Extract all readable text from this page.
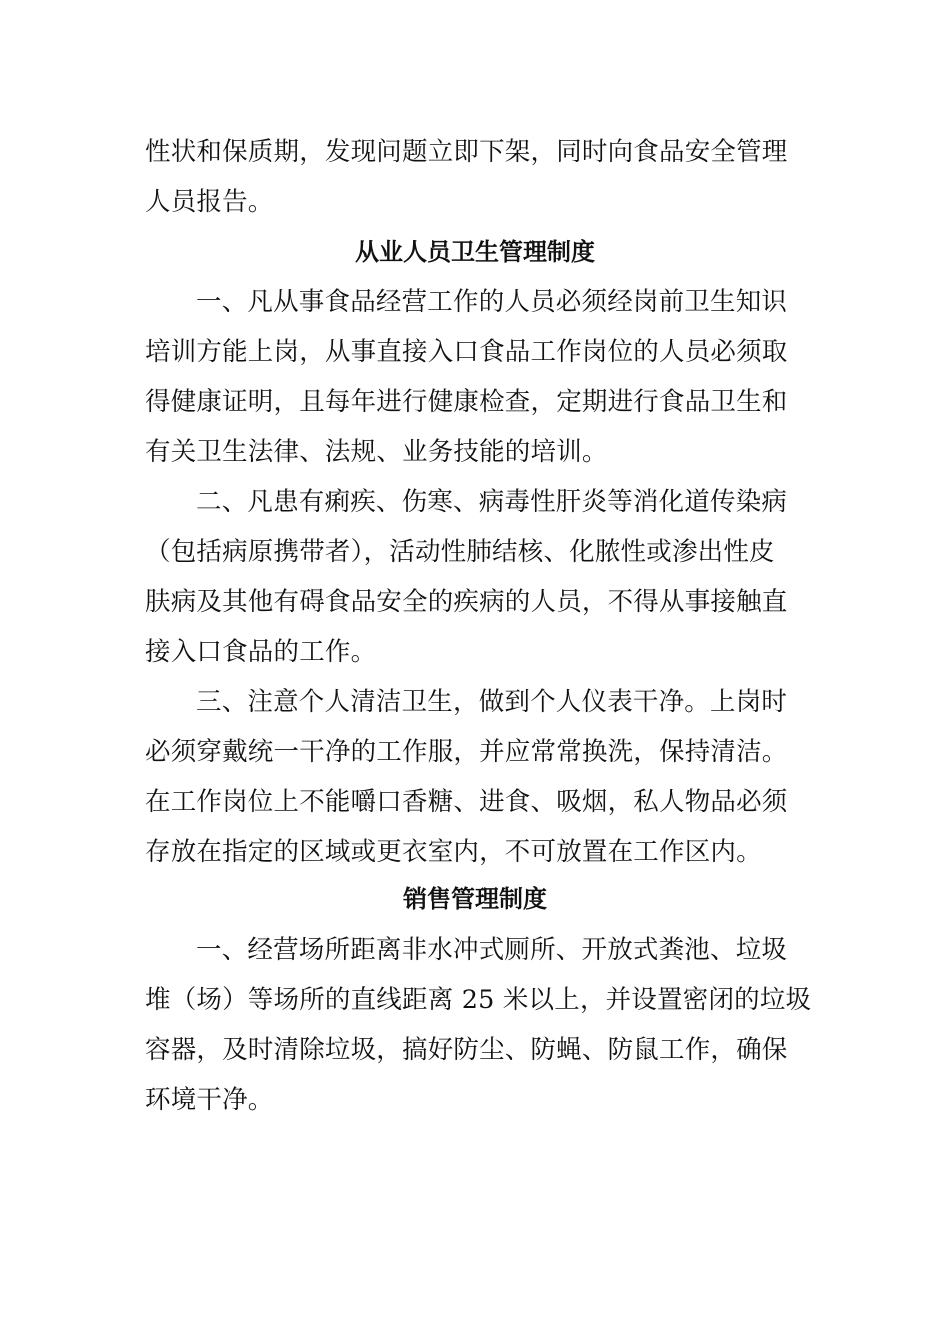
性状和保质期，发现问题立即下架，同时向食品安全管理
人员报告。
从业人员卫生管理制度
一、凡从事食品经营工作的人员必须经岗前卫生知识
培训方能上岗，从事直接入口食品工作岗位的人员必须取
得健康证明，且每年进行健康检查，定期进行食品卫生和
有关卫生法律、法规、业务技能的培训。
二、凡患有痢疾、伤寒、病毒性肝炎等消化道传染病
（包括病原携带者），活动性肺结核、化脓性或渗出性皮
肤病及其他有碍食品安全的疾病的人员，不得从事接触直
接入口食品的工作。
三、注意个人清洁卫生，做到个人仪表干净。上岗时
必须穿戴统一干净的工作服，并应常常换洗，保持清洁。
在工作岗位上不能嚼口香糖、进食、吸烟，私人物品必须
存放在指定的区域或更衣室内，不可放置在工作区内。
销售管理制度
一、经营场所距离非水冲式厕所、开放式粪池、垃圾
堆（场）等场所的直线距离 25 米以上，并设置密闭的垃圾
容器，及时清除垃圾，搞好防尘、防蝇、防鼠工作，确保
环境干净。
